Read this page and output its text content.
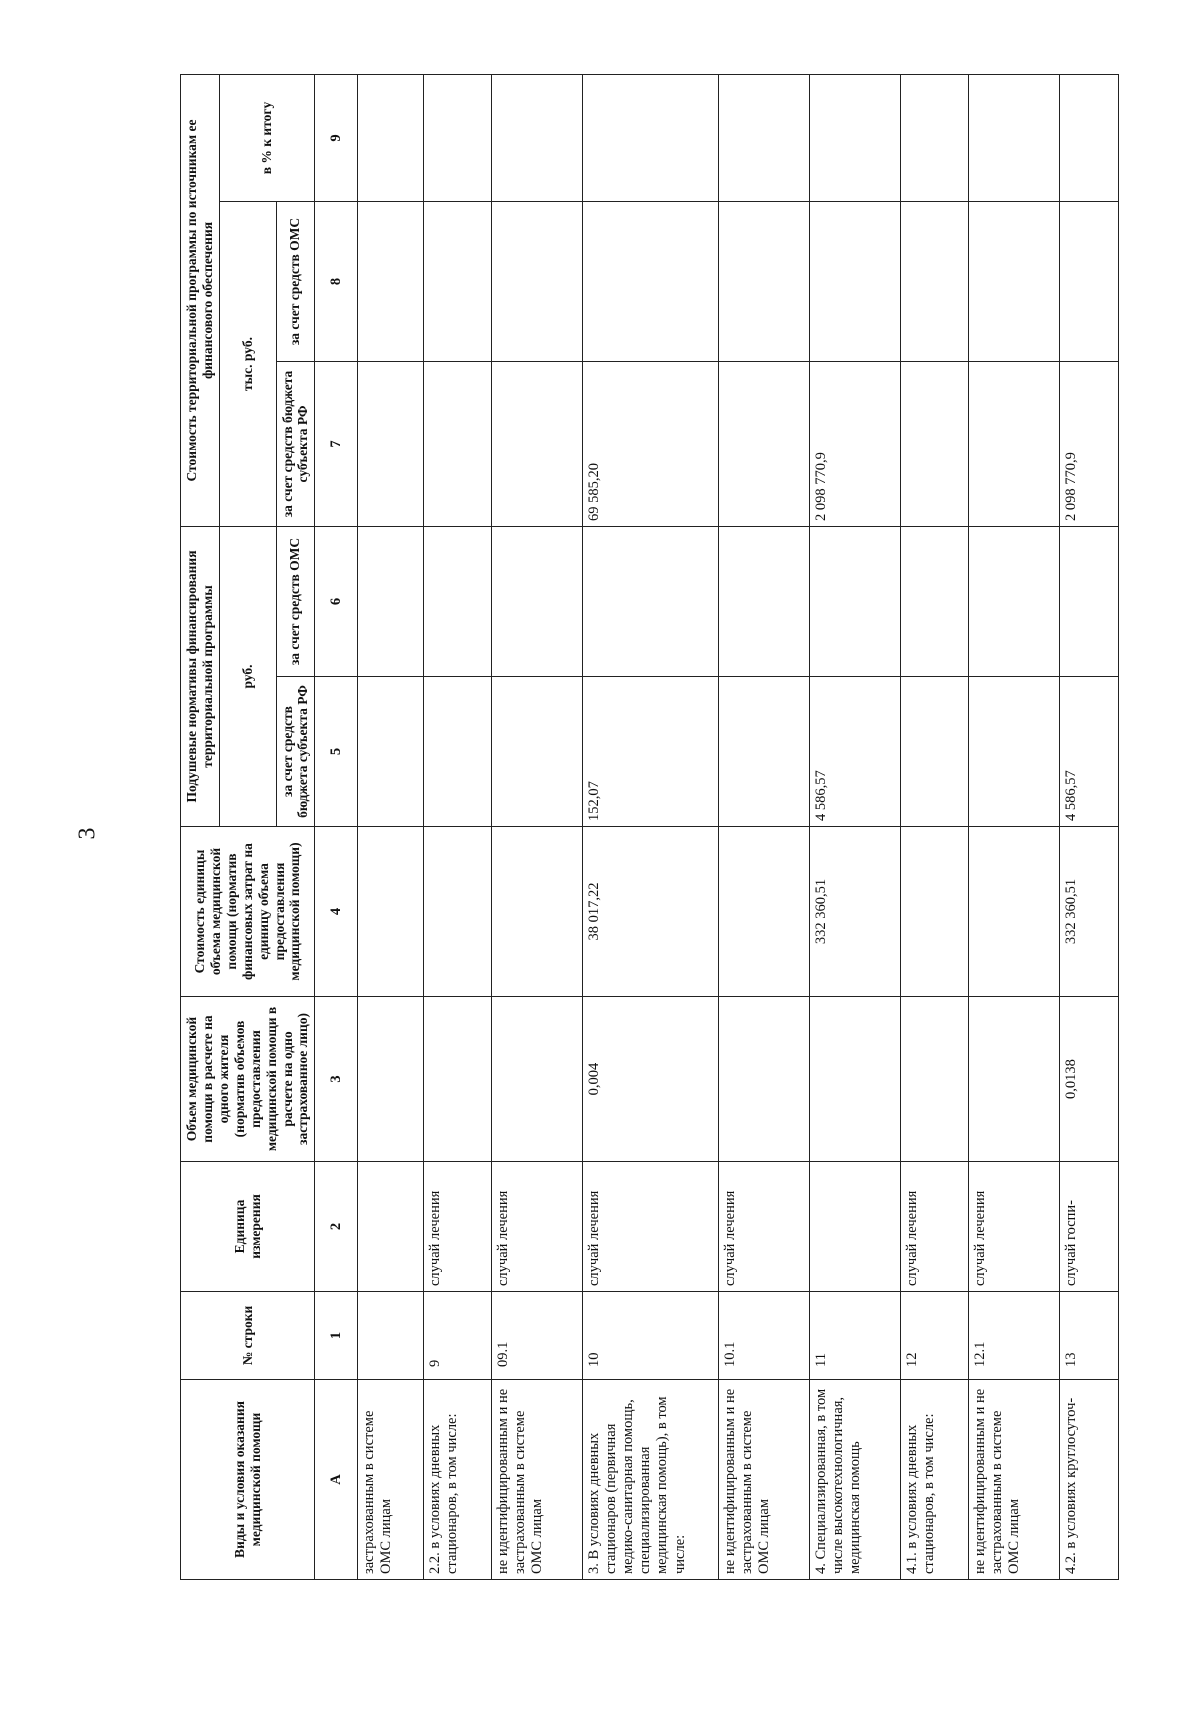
3
Виды и условия оказания медицинской помощи	№ строки	Единица измерения	Объем медицинской помощи в расчете на одного жителя (норматив объемов предоставления медицинской помощи в расчете на одно застрахованное лицо)	Стоимость единицы объема медицинской помощи (норматив финансовых затрат на единицу объема предоставления медицинской помощи)	Подушевые нормативы финансирования территориальной программы		Стоимость территориальной программы по источникам ее финансового обеспечения		
					руб.		тыс. руб.		в % к итогу
					за счет средств бюджета субъекта РФ	за счет средств ОМС	за счет средств бюджета субъекта РФ	за счет средств ОМС	
А	1	2	3	4	5	6	7	8	9
застрахованным в системе ОМС лицам									
2.2. в условиях дневных стационаров, в том числе:	9	случай лечения							
не идентифицированным и не застрахованным в системе ОМС лицам	09.1	случай лечения							
3. В условиях дневных стационаров (первичная медико-санитарная помощь, специализированная медицинская помощь), в том числе:	10	случай лечения	0,004	38 017,22	152,07		69 585,20		
не идентифицированным и не застрахованным в системе ОМС лицам	10.1	случай лечения							
4. Специализированная, в том числе высокотехнологичная, медицинская помощь	11			332 360,51	4 586,57		2 098 770,9		
4.1. в условиях дневных стационаров, в том числе:	12	случай лечения							
не идентифицированным и не застрахованным в системе ОМС лицам	12.1	случай лечения							
4.2. в условиях круглосуточ-	13	случай госпи-	0,0138	332 360,51	4 586,57		2 098 770,9		
